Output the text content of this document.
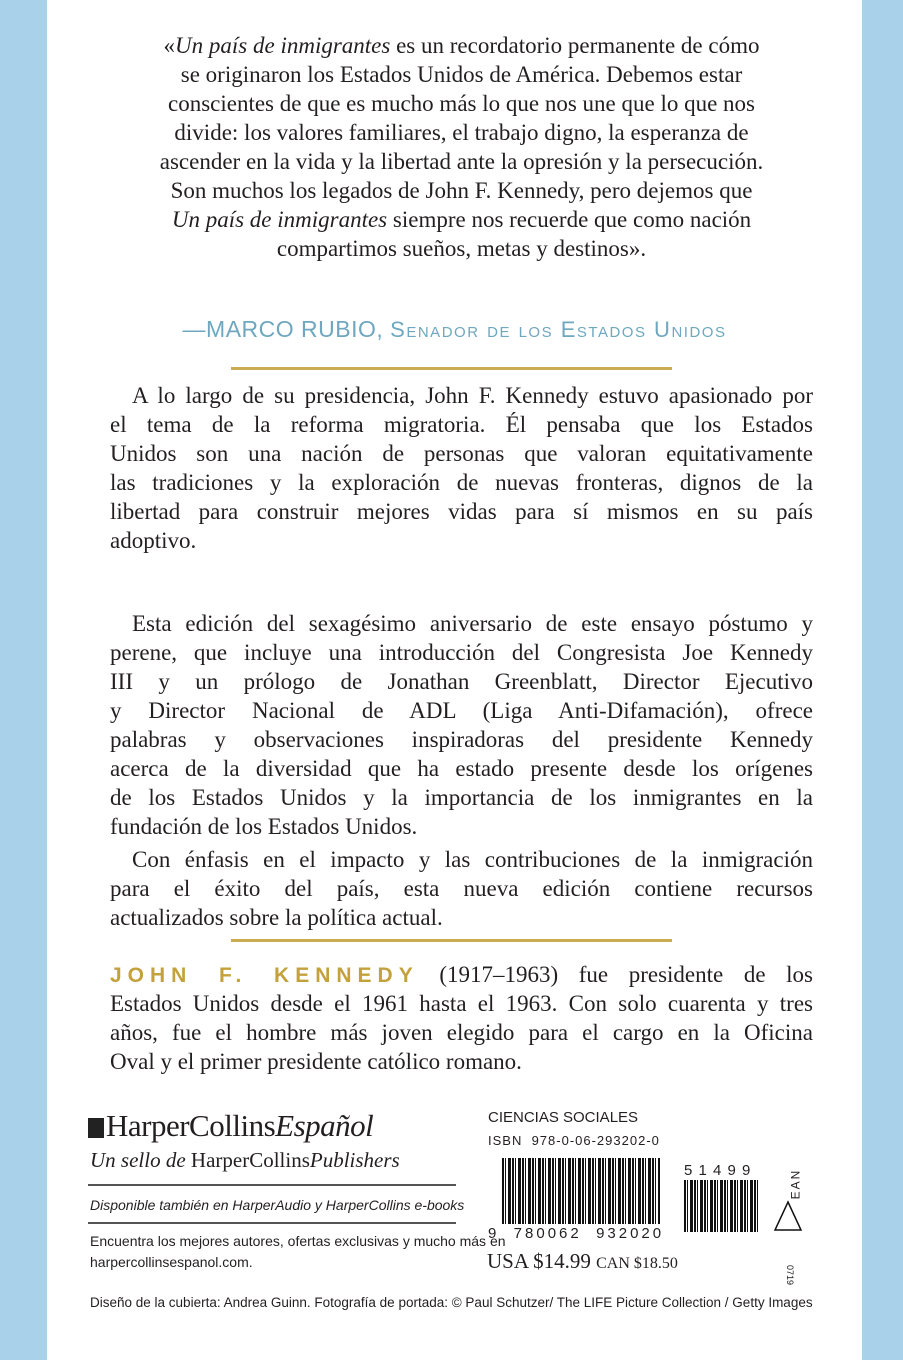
«Un país de inmigrantes es un recordatorio permanente de cómo
se originaron los Estados Unidos de América. Debemos estar
conscientes de que es mucho más lo que nos une que lo que nos
divide: los valores familiares, el trabajo digno, la esperanza de
ascender en la vida y la libertad ante la opresión y la persecución.
Son muchos los legados de John F. Kennedy, pero dejemos que
Un país de inmigrantes siempre nos recuerde que como nación
compartimos sueños, metas y destinos».
—MARCO RUBIO, Senador de los Estados Unidos
A lo largo de su presidencia, John F. Kennedy estuvo apasionado por
el tema de la reforma migratoria. Él pensaba que los Estados
Unidos son una nación de personas que valoran equitativamente
las tradiciones y la exploración de nuevas fronteras, dignos de la
libertad para construir mejores vidas para sí mismos en su país
adoptivo.
Esta edición del sexagésimo aniversario de este ensayo póstumo y
perene, que incluye una introducción del Congresista Joe Kennedy
III y un prólogo de Jonathan Greenblatt, Director Ejecutivo
y Director Nacional de ADL (Liga Anti-Difamación), ofrece
palabras y observaciones inspiradoras del presidente Kennedy
acerca de la diversidad que ha estado presente desde los orígenes
de los Estados Unidos y la importancia de los inmigrantes en la
fundación de los Estados Unidos.
Con énfasis en el impacto y las contribuciones de la inmigración
para el éxito del país, esta nueva edición contiene recursos
actualizados sobre la política actual.
JOHN F. KENNEDY (1917–1963) fue presidente de los
Estados Unidos desde el 1961 hasta el 1963. Con solo cuarenta y tres
años, fue el hombre más joven elegido para el cargo en la Oficina
Oval y el primer presidente católico romano.
HarperCollinsEspañol
Un sello de HarperCollinsPublishers
Disponible también en HarperAudio y HarperCollins e-books
Encuentra los mejores autores, ofertas exclusivas y mucho más en
harpercollinsespanol.com.
CIENCIAS SOCIALES
ISBN  978-0-06-293202-0
9  780062  932020
5 1 4 9 9	EAN
0719
USA $14.99 CAN $18.50
Diseño de la cubierta: Andrea Guinn. Fotografía de portada: © Paul Schutzer/ The LIFE Picture Collection / Getty Images
